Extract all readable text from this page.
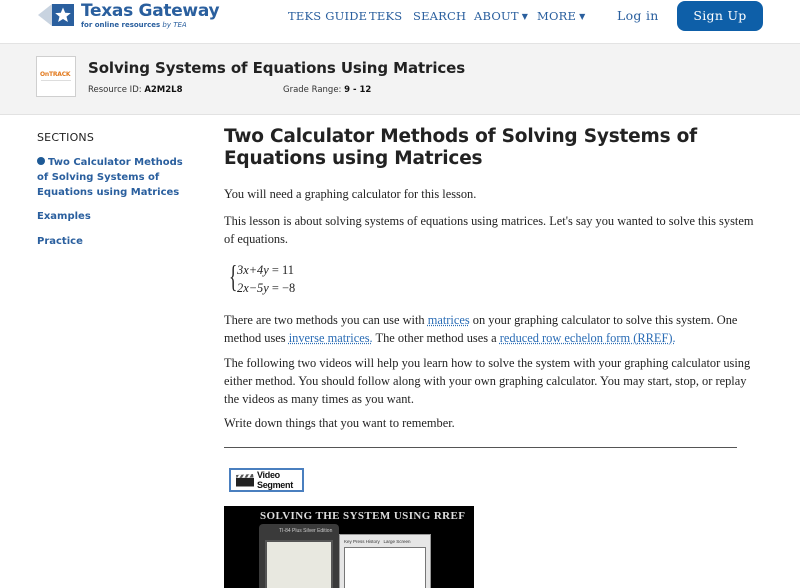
Texas Gateway
for online resources by TEA
TEKS GUIDE TEKS SEARCH ABOUT ▼ MORE ▼	Log in	Sign Up
OnTRACK Solving Systems of Equations Using Matrices
Resource ID: A2M2L8	Grade Range: 9 - 12
SECTIONS
Two Calculator Methods of Solving Systems of Equations using Matrices
Examples
Practice
Two Calculator Methods of Solving Systems of Equations using Matrices
You will need a graphing calculator for this lesson.
This lesson is about solving systems of equations using matrices. Let's say you wanted to solve this system of equations.
{ 3x+4y = 11
2x−5y = −8
There are two methods you can use with matrices on your graphing calculator to solve this system. One method uses inverse matrices. The other method uses a reduced row echelon form (RREF).
The following two videos will help you learn how to solve the system with your graphing calculator using either method. You should follow along with your own graphing calculator. You may start, stop, or replay the videos as many times as you want.
Write down things that you want to remember.
Video
Segment
SOLVING THE SYSTEM USING RREF
TI-84 Plus Silver Edition
Key Press History Large Screen
